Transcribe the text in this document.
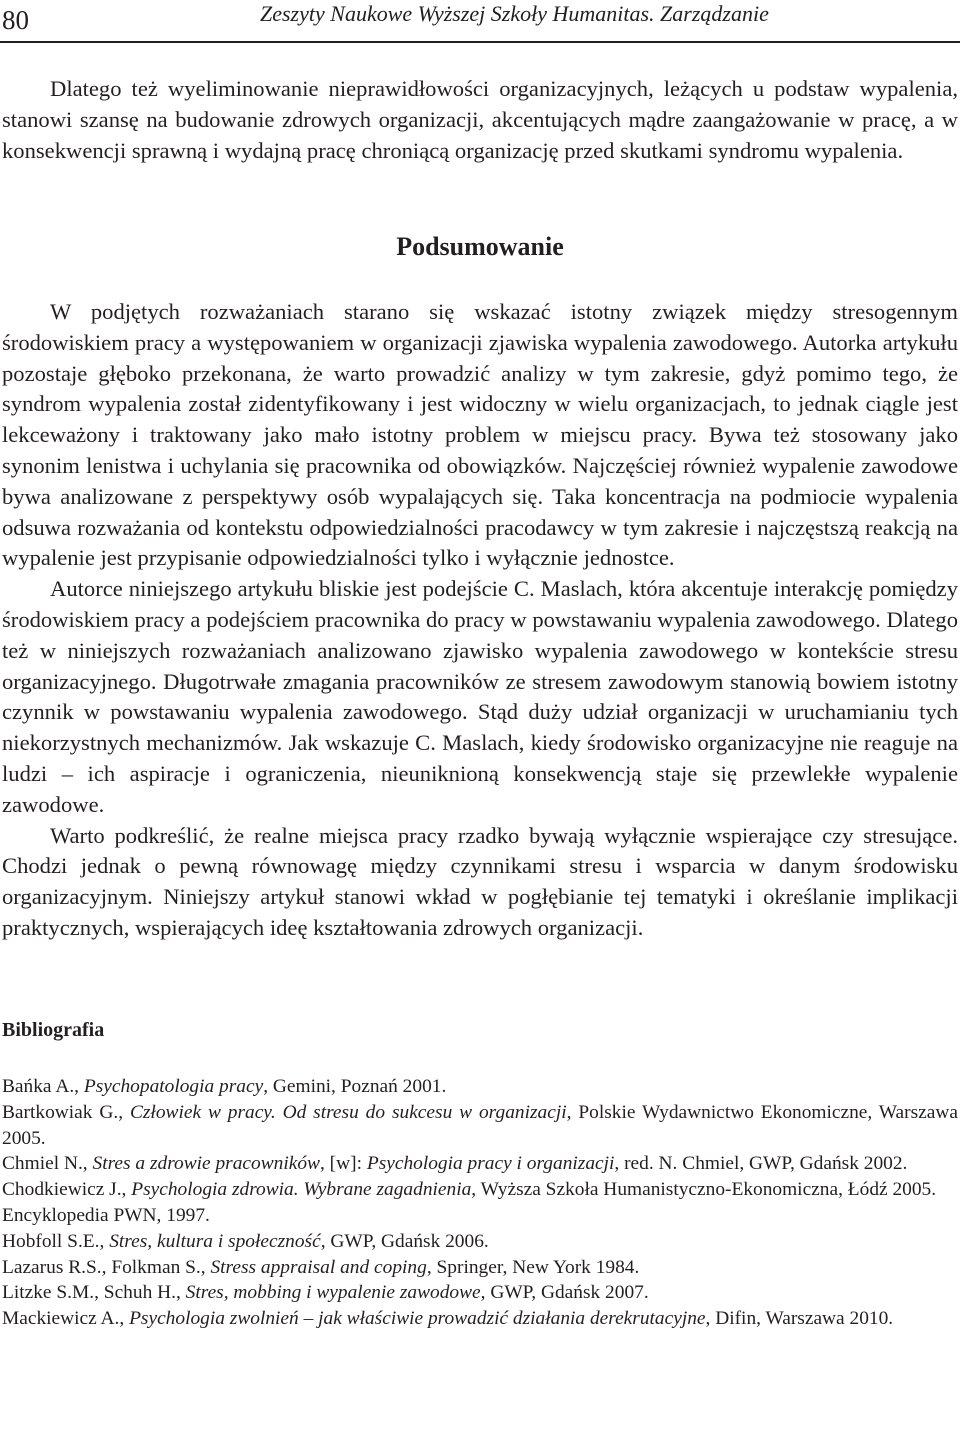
80	Zeszyty Naukowe Wyższej Szkoły Humanitas. Zarządzanie

Dlatego też wyeliminowanie nieprawidłowości organizacyjnych, leżących u podstaw wypalenia, stanowi szansę na budowanie zdrowych organizacji, akcentujących mądre zaangażowanie w pracę, a w konsekwencji sprawną i wydajną pracę chroniącą organizację przed skutkami syndromu wypalenia.

Podsumowanie

W podjętych rozważaniach starano się wskazać istotny związek między stresogennym środowiskiem pracy a występowaniem w organizacji zjawiska wypalenia zawodowego. Autorka artykułu pozostaje głęboko przekonana, że warto prowadzić analizy w tym zakresie, gdyż pomimo tego, że syndrom wypalenia został zidentyfikowany i jest widoczny w wielu organizacjach, to jednak ciągle jest lekceważony i traktowany jako mało istotny problem w miejscu pracy. Bywa też stosowany jako synonim lenistwa i uchylania się pracownika od obowiązków. Najczęściej również wypalenie zawodowe bywa analizowane z perspektywy osób wypalających się. Taka koncentracja na podmiocie wypalenia odsuwa rozważania od kontekstu odpowiedzialności pracodawcy w tym zakresie i najczęstszą reakcją na wypalenie jest przypisanie odpowiedzialności tylko i wyłącznie jednostce.

Autorce niniejszego artykułu bliskie jest podejście C. Maslach, która akcentuje interakcję pomiędzy środowiskiem pracy a podejściem pracownika do pracy w powstawaniu wypalenia zawodowego. Dlatego też w niniejszych rozważaniach analizowano zjawisko wypalenia zawodowego w kontekście stresu organizacyjnego. Długotrwałe zmagania pracowników ze stresem zawodowym stanowią bowiem istotny czynnik w powstawaniu wypalenia zawodowego. Stąd duży udział organizacji w uruchamianiu tych niekorzystnych mechanizmów. Jak wskazuje C. Maslach, kiedy środowisko organizacyjne nie reaguje na ludzi – ich aspiracje i ograniczenia, nieuniknioną konsekwencją staje się przewlekłe wypalenie zawodowe.

Warto podkreślić, że realne miejsca pracy rzadko bywają wyłącznie wspierające czy stresujące. Chodzi jednak o pewną równowagę między czynnikami stresu i wsparcia w danym środowisku organizacyjnym. Niniejszy artykuł stanowi wkład w pogłębianie tej tematyki i określanie implikacji praktycznych, wspierających ideę kształtowania zdrowych organizacji.

Bibliografia
Bańka A., Psychopatologia pracy, Gemini, Poznań 2001.
Bartkowiak G., Człowiek w pracy. Od stresu do sukcesu w organizacji, Polskie Wydawnictwo Ekonomiczne, Warszawa 2005.
Chmiel N., Stres a zdrowie pracowników, [w]: Psychologia pracy i organizacji, red. N. Chmiel, GWP, Gdańsk 2002.
Chodkiewicz J., Psychologia zdrowia. Wybrane zagadnienia, Wyższa Szkoła Humanistyczno-Ekonomiczna, Łódź 2005.
Encyklopedia PWN, 1997.
Hobfoll S.E., Stres, kultura i społeczność, GWP, Gdańsk 2006.
Lazarus R.S., Folkman S., Stress appraisal and coping, Springer, New York 1984.
Litzke S.M., Schuh H., Stres, mobbing i wypalenie zawodowe, GWP, Gdańsk 2007.
Mackiewicz A., Psychologia zwolnień – jak właściwie prowadzić działania derekrutacyjne, Difin, Warszawa 2010.
